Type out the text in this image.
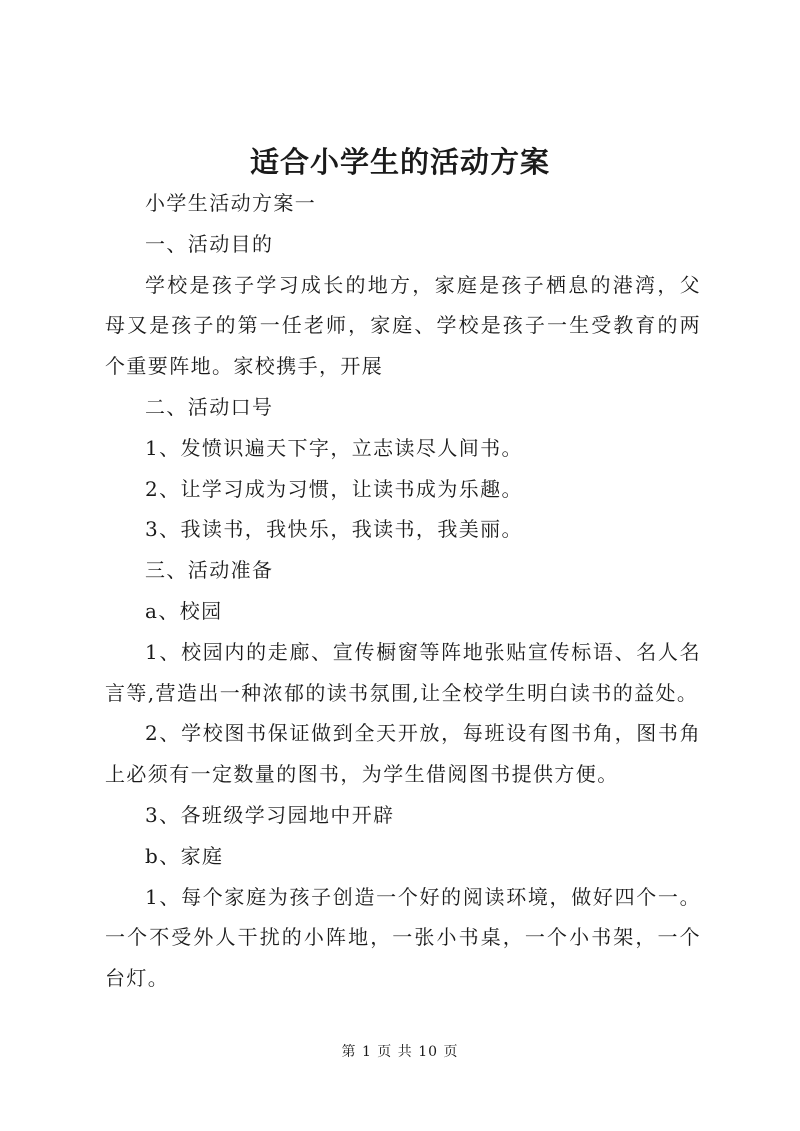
适合小学生的活动方案

小学生活动方案一

一、活动目的

学校是孩子学习成长的地方，家庭是孩子栖息的港湾，父母又是孩子的第一任老师，家庭、学校是孩子一生受教育的两个重要阵地。家校携手，开展

二、活动口号

1、发愤识遍天下字，立志读尽人间书。

2、让学习成为习惯，让读书成为乐趣。

3、我读书，我快乐，我读书，我美丽。

三、活动准备

a、校园

1、校园内的走廊、宣传橱窗等阵地张贴宣传标语、名人名言等,营造出一种浓郁的读书氛围,让全校学生明白读书的益处。

2、学校图书保证做到全天开放，每班设有图书角，图书角上必须有一定数量的图书，为学生借阅图书提供方便。

3、各班级学习园地中开辟

b、家庭

1、每个家庭为孩子创造一个好的阅读环境，做好四个一。一个不受外人干扰的小阵地，一张小书桌，一个小书架，一个台灯。

第 1 页 共 10 页
